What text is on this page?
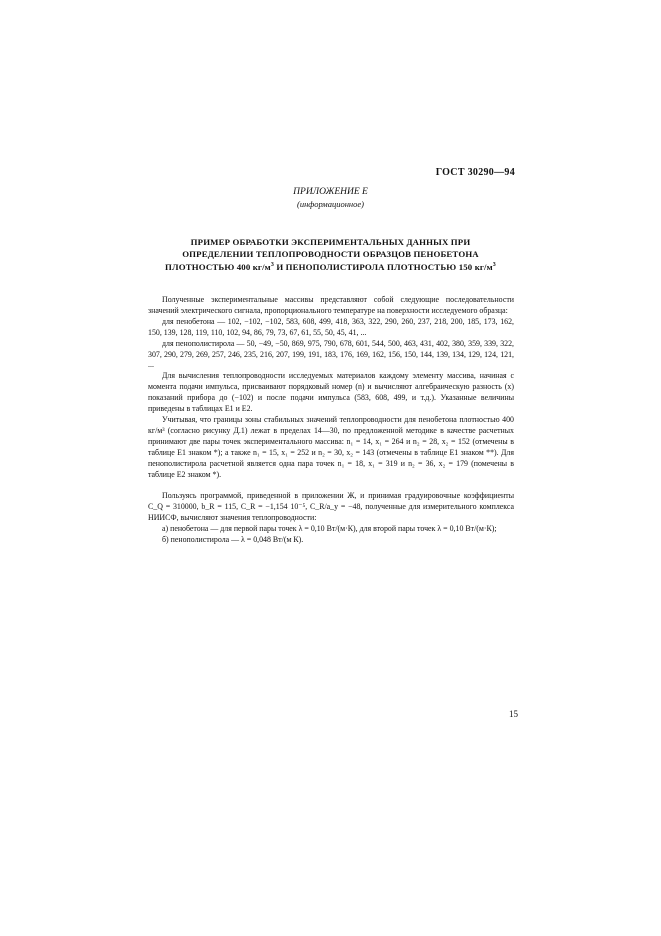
ГОСТ 30290—94
ПРИЛОЖЕНИЕ Е
(информационное)
ПРИМЕР ОБРАБОТКИ ЭКСПЕРИМЕНТАЛЬНЫХ ДАННЫХ ПРИ
ОПРЕДЕЛЕНИИ ТЕПЛОПРОВОДНОСТИ ОБРАЗЦОВ ПЕНОБЕТОНА
ПЛОТНОСТЬЮ 400 $кг/м^3$ И ПЕНОПОЛИСТИРОЛА ПЛОТНОСТЬЮ 150 $кг/м^3$

Полученные экспериментальные массивы представляют собой следующие последовательности значений электрического сигнала, пропорционального температуре на поверхности исследуемого образца:

для пенобетона — 102, −102, −102, 583, 608, 499, 418, 363, 322, 290, 260, 237, 218, 200, 185, 173, 162, 150, 139, 128, 119, 110, 102, 94, 86, 79, 73, 67, 61, 55, 50, 45, 41, ...

для пенополистирола — 50, −49, −50, 869, 975, 790, 678, 601, 544, 500, 463, 431, 402, 380, 359, 339, 322, 307, 290, 279, 269, 257, 246, 235, 216, 207, 199, 191, 183, 176, 169, 162, 156, 150, 144, 139, 134, 129, 124, 121, ...

Для вычисления теплопроводности исследуемых материалов каждому элементу массива, начиная с момента подачи импульса, присваивают порядковый номер (n) и вычисляют алгебраическую разность (x) показаний прибора до (−102) и после подачи импульса (583, 608, 499, и т.д.). Указанные величины приведены в таблицах Е1 и Е2.

Учитывая, что границы зоны стабильных значений теплопроводности для пенобетона плотностью 400 кг/м³ (согласно рисунку Д.1) лежат в пределах 14—30, по предложенной методике в качестве расчетных принимают две пары точек экспериментального массива: n₁ = 14, x₁ = 264 и n₂ = 28, x₂ = 152 (отмечены в таблице Е1 знаком *); а также n₁ = 15, x₁ = 252 и n₂ = 30, x₂ = 143 (отмечены в таблице Е1 знаком **). Для пенополистирола расчетной является одна пара точек n₁ = 18, x₁ = 319 и n₂ = 36, x₂ = 179 (помечены в таблице Е2 знаком *).

Пользуясь программой, приведенной в приложении Ж, и принимая градуировочные коэффициенты C_Q = 310000, b_R = 115, C_R = −1,154 10⁻⁵, C_R/a_y = −48, полученные для измерительного комплекса НИИСФ, вычисляют значения теплопроводности:

а) пенобетона — для первой пары точек λ = 0,10 Вт/(м·К), для второй пары точек λ = 0,10 Вт/(м·К);

б) пенополистирола — λ = 0,048 Вт/(м К).

15
